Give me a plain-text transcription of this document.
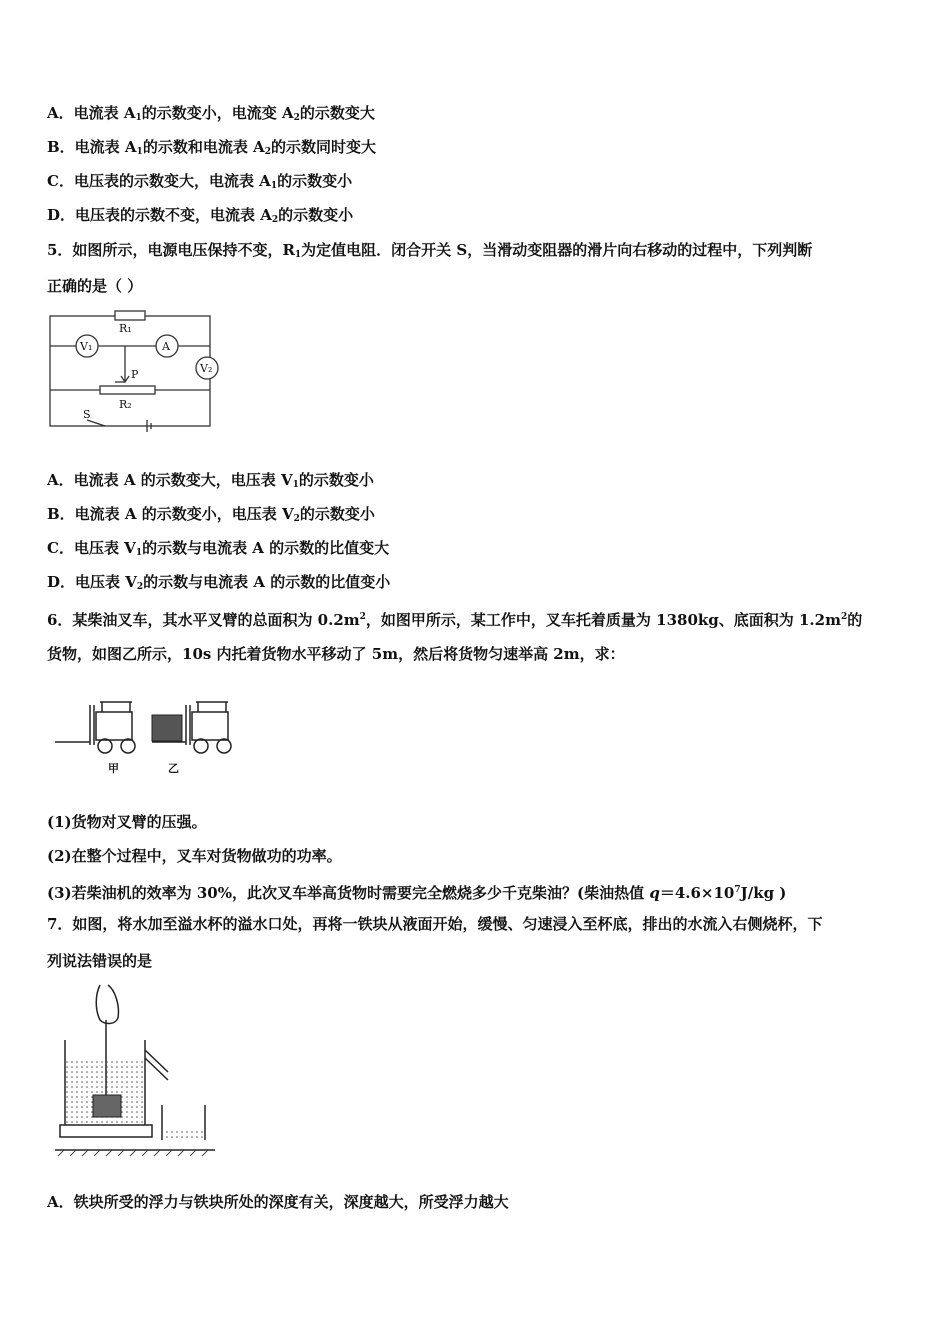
A．电流表 $A_1$的示数变小，电流变 $A_2$的示数变大
B．电流表 $A_1$的示数和电流表 $A_2$的示数同时变大
C．电压表的示数变大，电流表 $A_1$的示数变小
D．电压表的示数不变，电流表 $A_2$的示数变小
5．如图所示，电源电压保持不变，$R_1$为定值电阻．闭合开关 S，当滑动变阻器的滑片向右移动的过程中，下列判断
正确的是（ ）
R₁
V₁	A
V₂
P
R₂
S
A．电流表 A 的示数变大，电压表 $V_1$的示数变小
B．电流表 A 的示数变小，电压表 $V_2$的示数变小
C．电压表 $V_1$的示数与电流表 A 的示数的比值变大
D．电压表 $V_2$的示数与电流表 A 的示数的比值变小
6．某柴油叉车，其水平叉臂的总面积为 $0.2m^2$，如图甲所示，某工作中，叉车托着质量为 1380kg、底面积为 $1.2m^2$的
货物，如图乙所示，10s 内托着货物水平移动了 5m，然后将货物匀速举高 2m，求：
甲	乙
(1)货物对叉臂的压强。
(2)在整个过程中，叉车对货物做功的功率。
(3)若柴油机的效率为 30%，此次叉车举高货物时需要完全燃烧多少千克柴油？(柴油热值 $q=4.6\times 10^7J/kg$ )
7．如图，将水加至溢水杯的溢水口处，再将一铁块从液面开始，缓慢、匀速浸入至杯底，排出的水流入右侧烧杯，下
列说法错误的是
A．铁块所受的浮力与铁块所处的深度有关，深度越大，所受浮力越大
